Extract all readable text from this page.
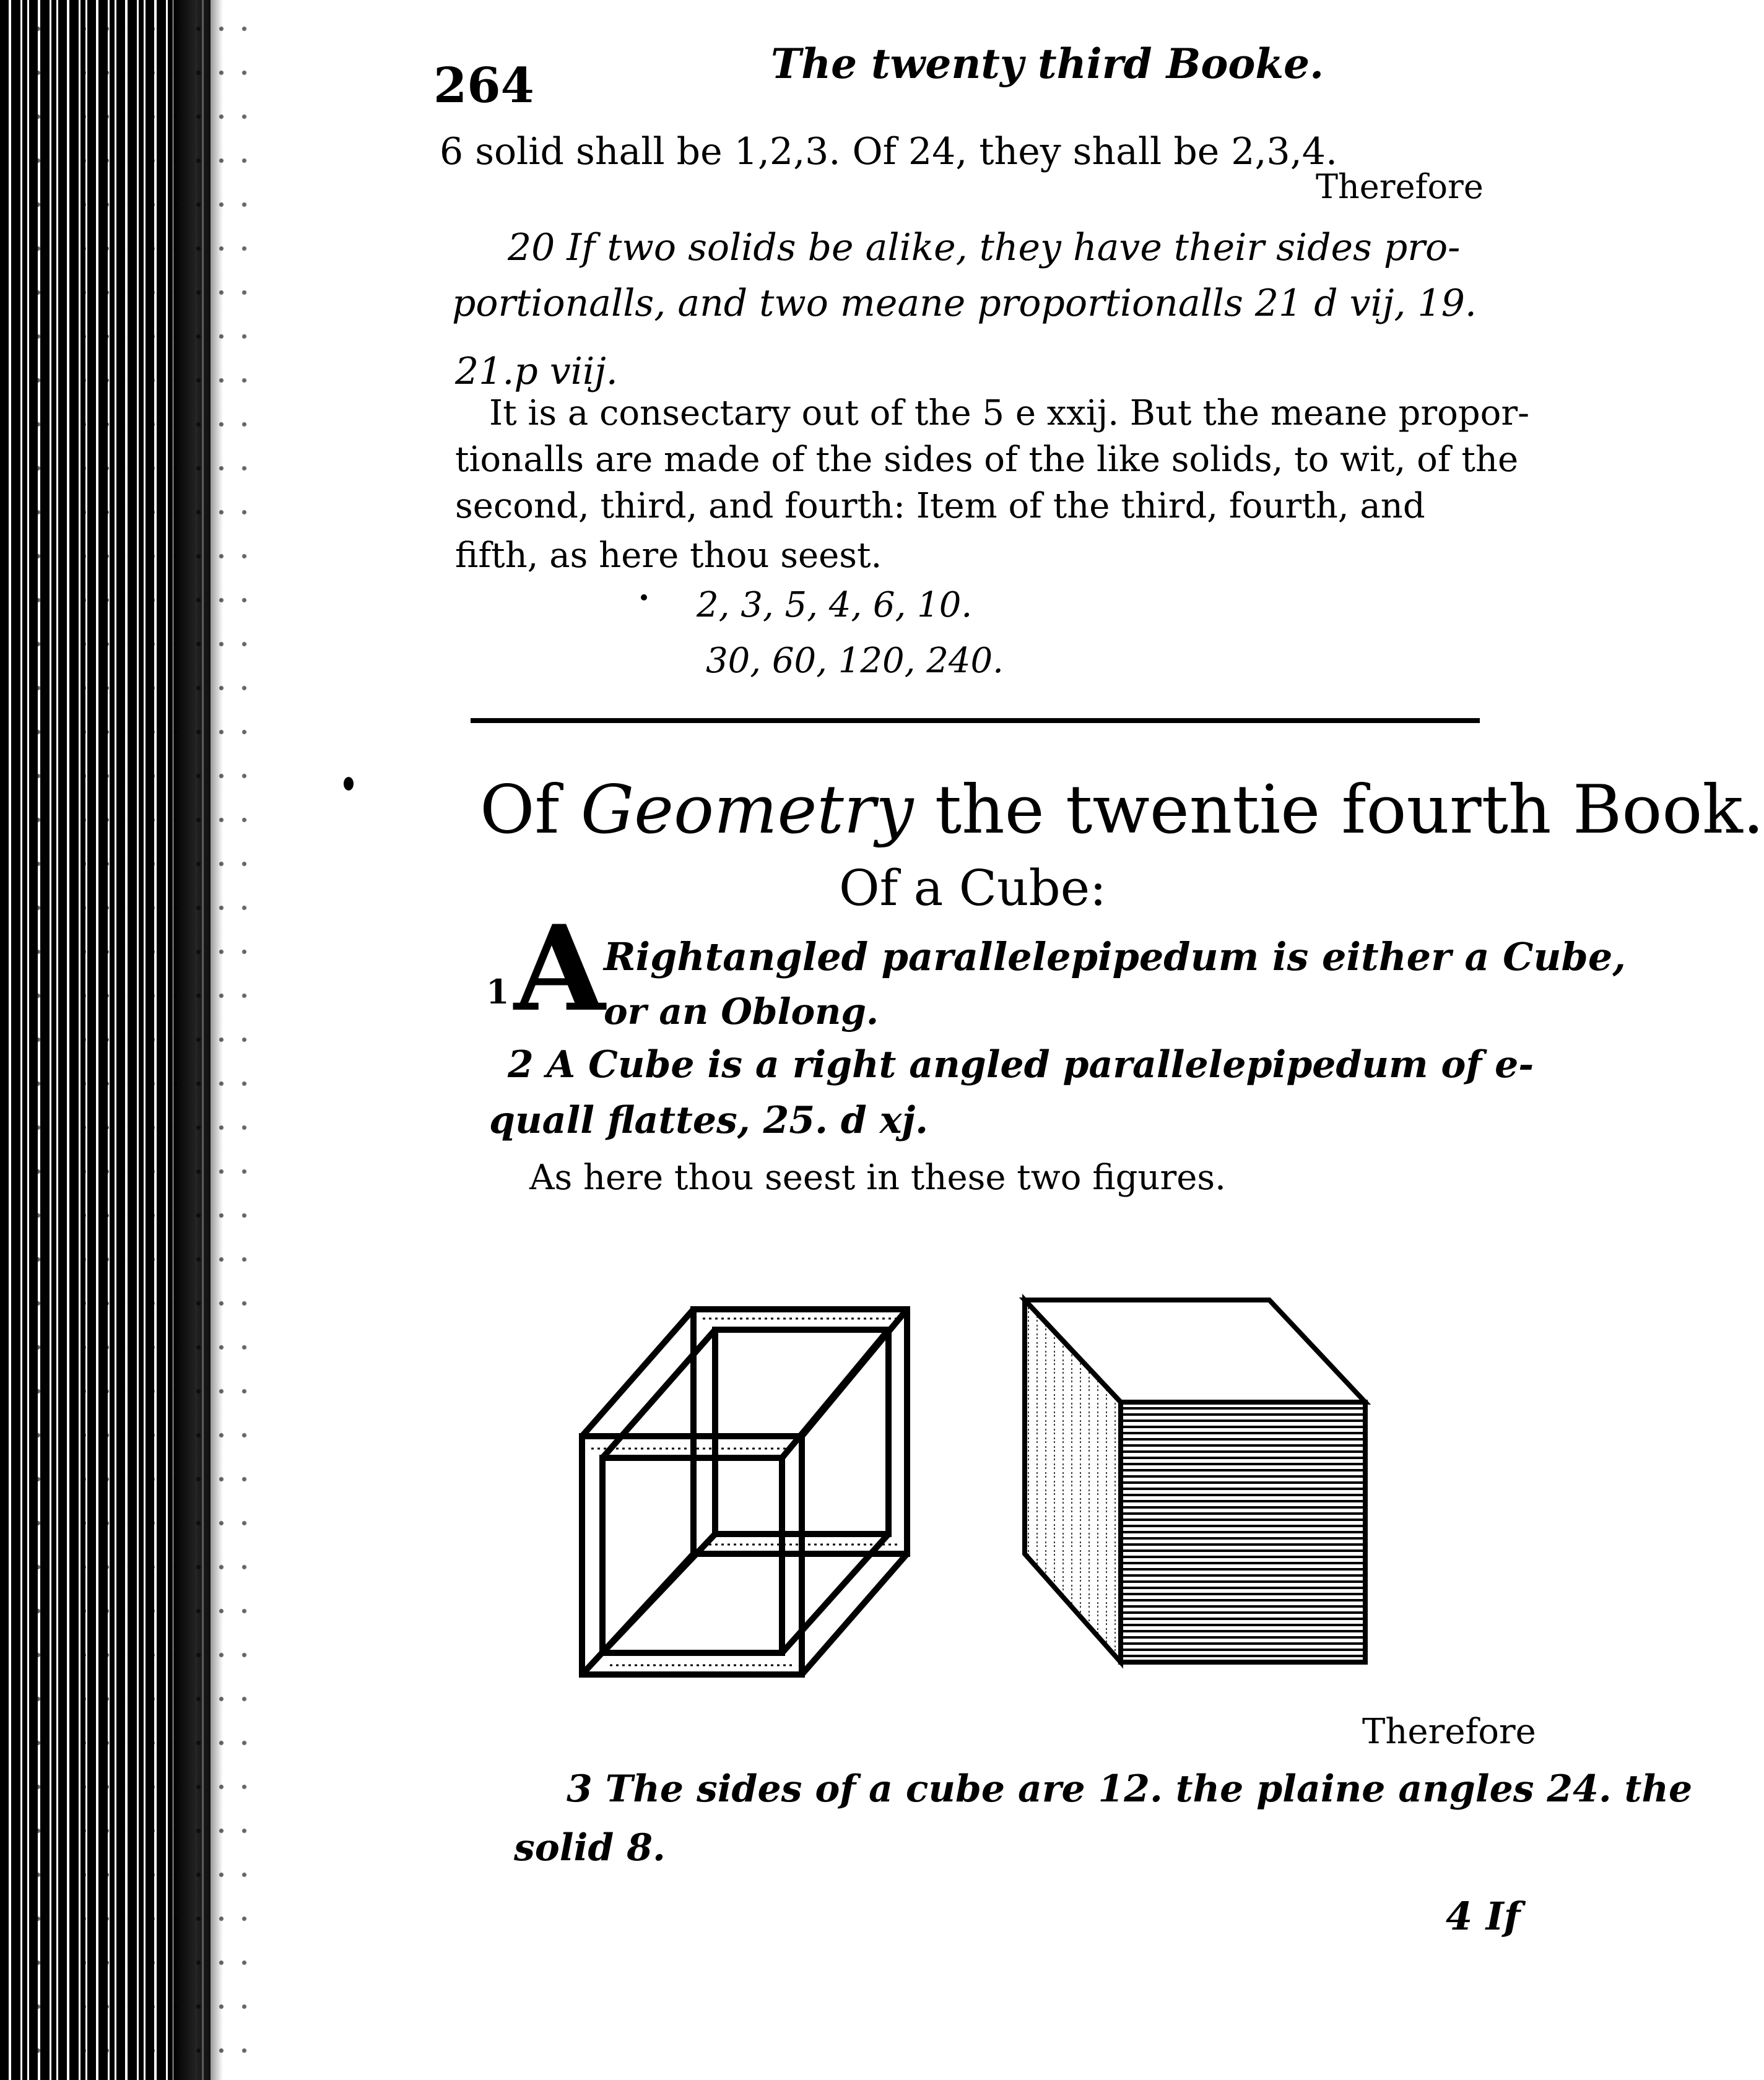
264	The twenty third Booke.
6 solid shall be 1,2,3. Of 24, they shall be 2,3,4.
Therefore
20 If two solids be alike, they have their sides pro-
portionalls, and two meane proportionalls 21 d vij, 19.
21.p viij.
It is a consectary out of the 5 e xxij. But the meane propor-
tionalls are made of the sides of the like solids, to wit, of the
second, third, and fourth: Item of the third, fourth, and
fifth, as here thou seest.
2, 3, 5, 4, 6, 10.
30, 60, 120, 240.
Of Geometry the twentie fourth Book.
Of a Cube:
1 A
Rightangled parallelepipedum is either a Cube,
or an Oblong.
2 A Cube is a right angled parallelepipedum of e-
quall flattes, 25. d xj.
As here thou seest in these two figures.
Therefore
3 The sides of a cube are 12. the plaine angles 24. the
solid 8.
4 If
